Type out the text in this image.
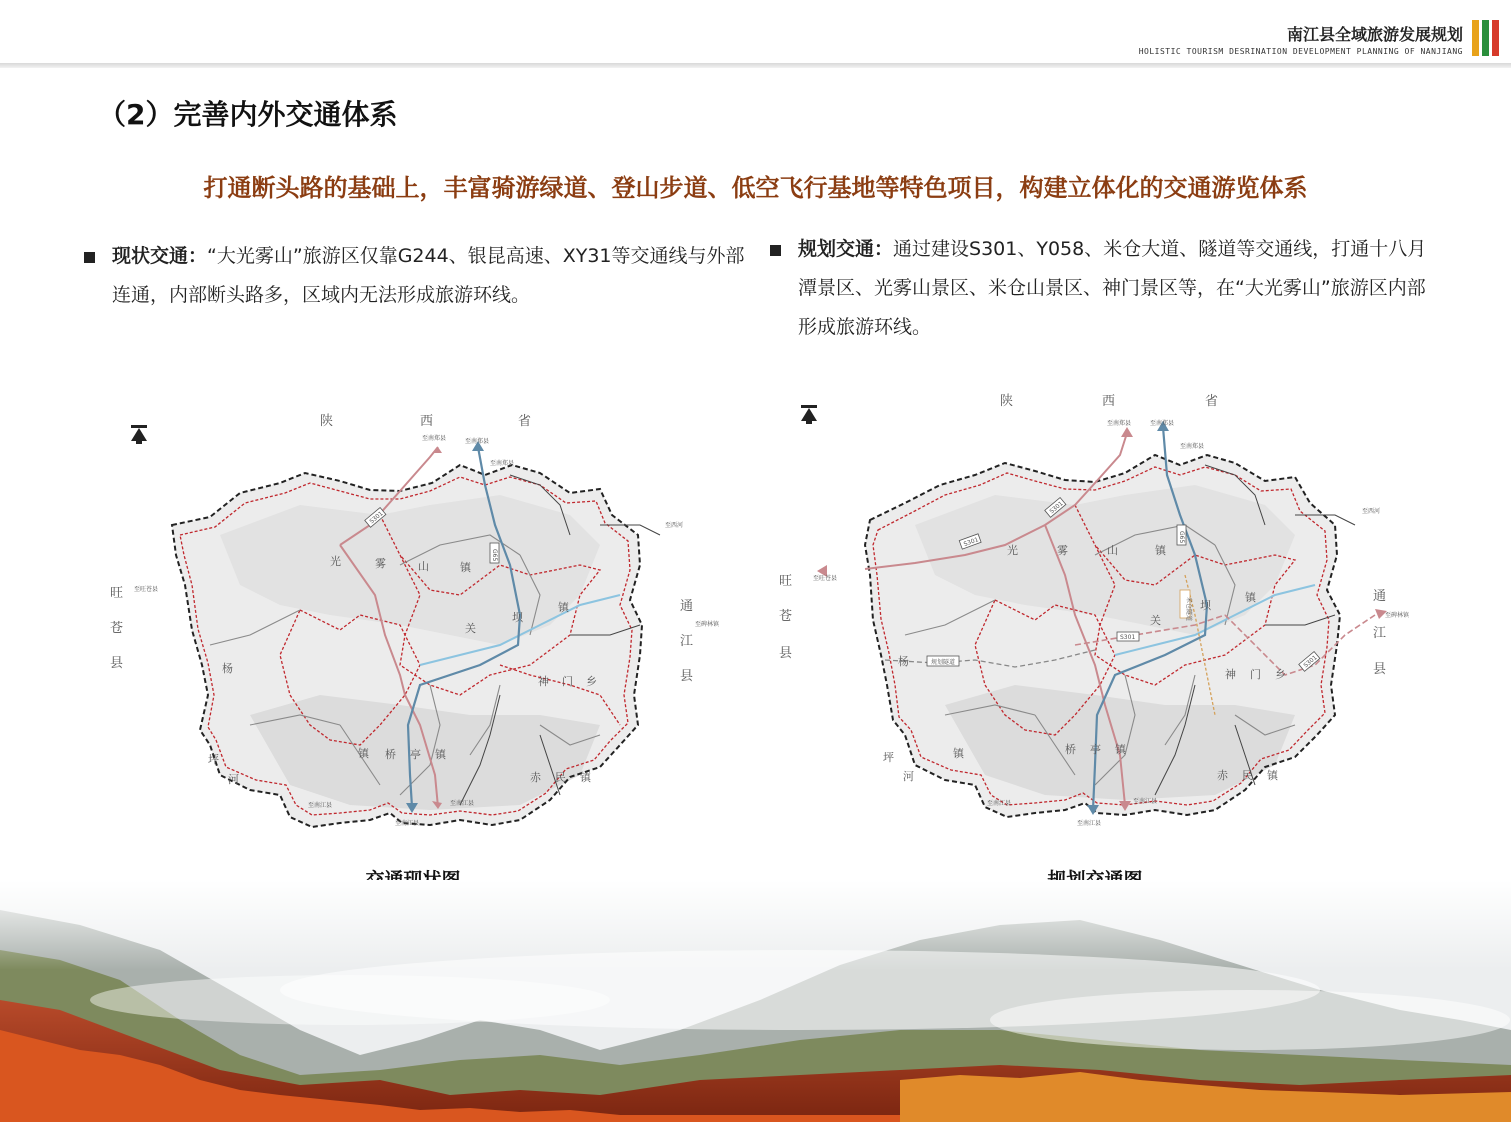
南江县全域旅游发展规划
HOLISTIC TOURISM DESRINATION DEVELOPMENT PLANNING OF NANJIANG
（2）完善内外交通体系
打通断头路的基础上，丰富骑游绿道、登山步道、低空飞行基地等特色项目，构建立体化的交通游览体系
现状交通：“大光雾山”旅游区仅靠G244、银昆高速、XY31等交通线与外部连通，内部断头路多，区域内无法形成旅游环线。
规划交通：通过建设S301、Y058、米仓大道、隧道等交通线，打通十八月潭景区、光雾山景区、米仓山景区、神门景区等，在“大光雾山”旅游区内部形成旅游环线。
S301
G65
陕	西	省
旺
苍
县
通
江
县
光	雾	山	镇
关
坝
镇
神 门 乡
杨
坪
河
桥 亭 镇
镇
赤 民 镇
至南郑县	至南郑县
至南郑县
至西河
至旺苍县
至碑林镇
至南江县
至南江县
至南江县
S301
S301
S301
S301
G65
米仓隧道
规划隧道
陕	西	省
旺
苍
县
通
江
县
光	雾	山	镇
关
坝
镇
神 门 乡
杨
坪
河
桥 亭 镇
镇
赤 民 镇
至南郑县	至南郑县
至南郑县
至西河
至旺苍县
至碑林镇
至南江县
至南江县
至南江县
